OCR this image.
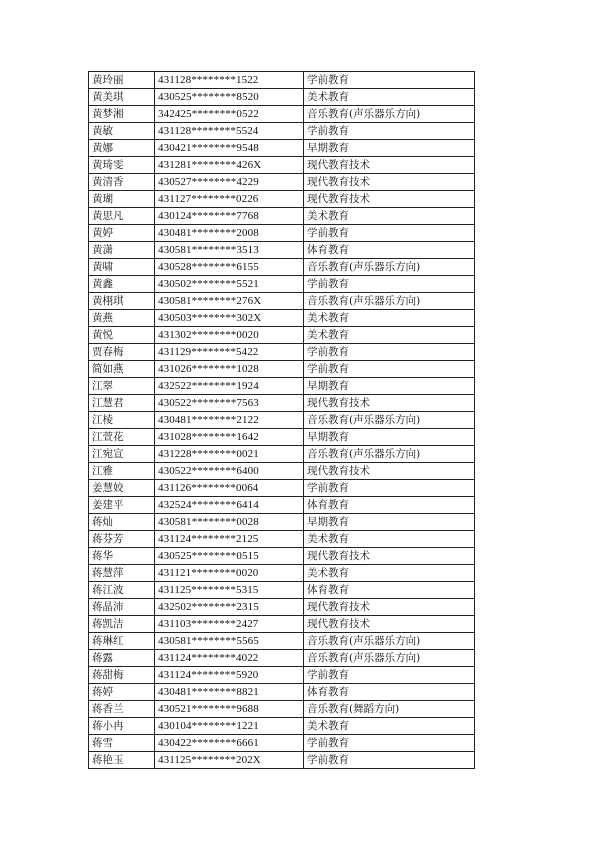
黄玲丽	431128********1522	学前教育
黄美琪	430525********8520	美术教育
黄梦湘	342425********0522	音乐教育(声乐器乐方向)
黄敏	431128********5524	学前教育
黄娜	430421********9548	早期教育
黄琦雯	431281********426X	现代教育技术
黄清香	430527********4229	现代教育技术
黄瑚	431127********0226	现代教育技术
黄思凡	430124********7768	美术教育
黄婷	430481********2008	学前教育
黄潇	430581********3513	体育教育
黄啸	430528********6155	音乐教育(声乐器乐方向)
黄鑫	430502********5521	学前教育
黄栩琪	430581********276X	音乐教育(声乐器乐方向)
黄燕	430503********302X	美术教育
黄悦	431302********0020	美术教育
贾春梅	431129********5422	学前教育
简如燕	431026********1028	学前教育
江翠	432522********1924	早期教育
江慧君	430522********7563	现代教育技术
江棱	430481********2122	音乐教育(声乐器乐方向)
江萱花	431028********1642	早期教育
江宛宣	431228********0021	音乐教育(声乐器乐方向)
江雅	430522********6400	现代教育技术
姜慧姣	431126********0064	学前教育
姜建平	432524********6414	体育教育
蒋灿	430581********0028	早期教育
蒋芬芳	431124********2125	美术教育
蒋华	430525********0515	现代教育技术
蒋慧萍	431121********0020	美术教育
蒋江波	431125********5315	体育教育
蒋晶沛	432502********2315	现代教育技术
蒋凯洁	431103********2427	现代教育技术
蒋琳红	430581********5565	音乐教育(声乐器乐方向)
蒋露	431124********4022	音乐教育(声乐器乐方向)
蒋甜梅	431124********5920	学前教育
蒋婷	430481********8821	体育教育
蒋香兰	430521********9688	音乐教育(舞蹈方向)
蒋小冉	430104********1221	美术教育
蒋雪	430422********6661	学前教育
蒋艳玉	431125********202X	学前教育
